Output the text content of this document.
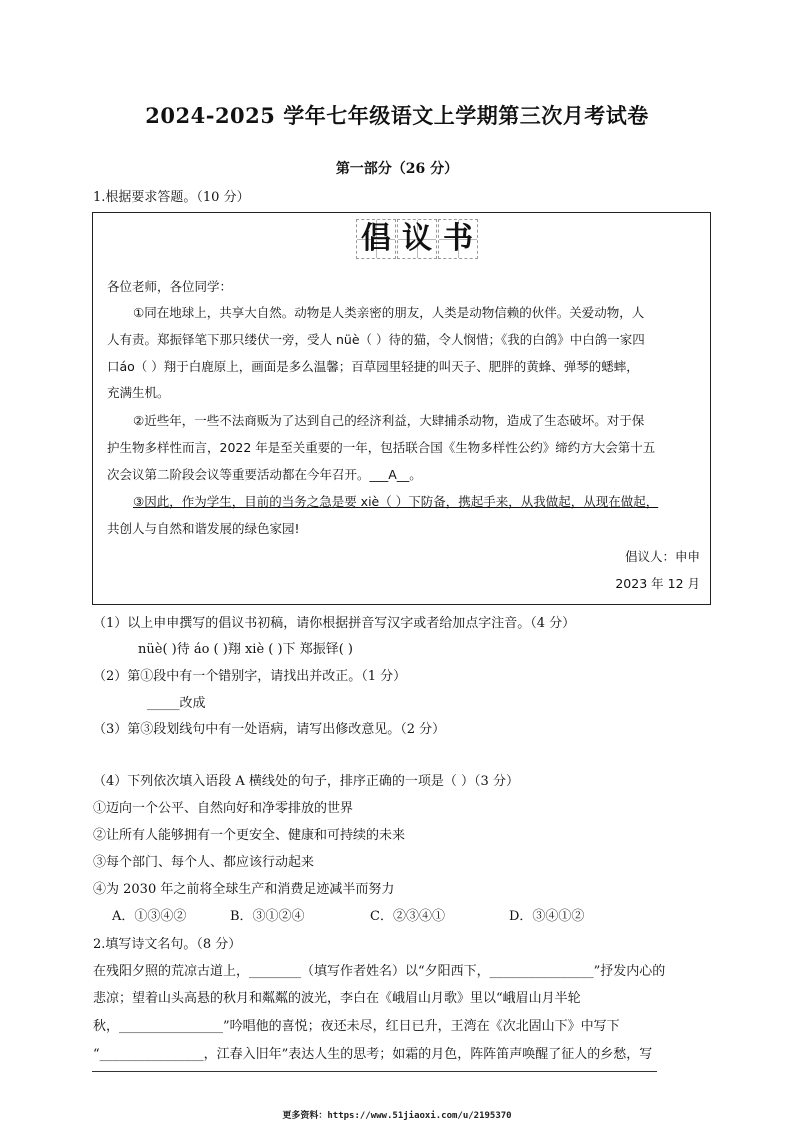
2024-2025 学年七年级语文上学期第三次月考试卷
第一部分（26 分）
1.根据要求答题。（10 分）
倡 议 书
各位老师，各位同学：
①同在地球上，共享大自然。动物是人类亲密的朋友，人类是动物信赖的伙伴。关爱动物，人
人有责。郑振铎笔下那只缕伏一旁，受人 nüè（ ）待的猫，令人悯惜；《我的白鸽》中白鸽一家四
口áo（ ）翔于白鹿原上，画面是多么温馨；百草园里轻捷的叫天子、肥胖的黄蜂、弹琴的蟋蟀，
充满生机。
②近些年，一些不法商贩为了达到自己的经济利益，大肆捕杀动物，造成了生态破坏。对于保
护生物多样性而言，2022 年是至关重要的一年，包括联合国《生物多样性公约》缔约方大会第十五
次会议第二阶段会议等重要活动都在今年召开。___A__。
③因此，作为学生，目前的当务之急是要 xiè（ ）下防备，携起手来，从我做起，从现在做起，
共创人与自然和谐发展的绿色家园!
倡议人：申申
2023 年 12 月
（1）以上申申撰写的倡议书初稿，请你根据拼音写汉字或者给加点字注音。（4 分）
nüè( )待 áo ( )翔 xiè ( )下 郑振铎( )
（2）第①段中有一个错别字，请找出并改正。（1 分）
_____改成
（3）第③段划线句中有一处语病，请写出修改意见。（2 分）
（4）下列依次填入语段 A 横线处的句子，排序正确的一项是（ ）（3 分）
①迈向一个公平、自然向好和净零排放的世界
②让所有人能够拥有一个更安全、健康和可持续的未来
③每个部门、每个人、都应该行动起来
④为 2030 年之前将全球生产和消费足迹减半而努力
A．①③④②	B．③①②④	C．②③④①	D．③④①②
2.填写诗文名句。（8 分）
在残阳夕照的荒凉古道上，________（填写作者姓名）以“夕阳西下，________________”抒发内心的
悲凉；望着山头高悬的秋月和粼粼的波光，李白在《峨眉山月歌》里以“峨眉山月半轮
秋，________________”吟唱他的喜悦；夜还未尽，红日已升，王湾在《次北固山下》中写下
“________________，江春入旧年”表达人生的思考；如霜的月色，阵阵笛声唤醒了征人的乡愁，写
更多资料：https://www.51jiaoxi.com/u/2195370
